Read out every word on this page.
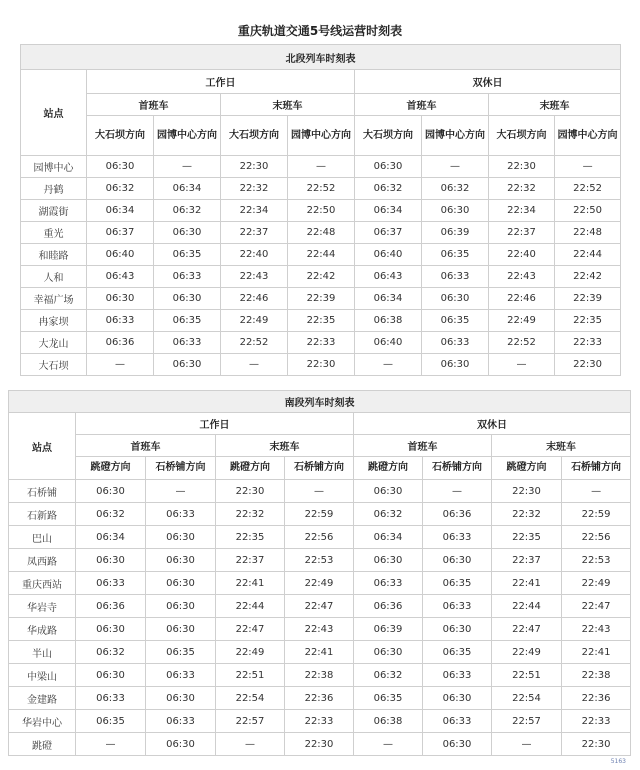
重庆轨道交通5号线运营时刻表
北段列车时刻表								
站点	工作日				双休日			
	首班车		末班车		首班车		末班车	
	大石坝方向	园博中心方向	大石坝方向	园博中心方向	大石坝方向	园博中心方向	大石坝方向	园博中心方向
园博中心	06:30	—	22:30	—	06:30	—	22:30	—
丹鹤	06:32	06:34	22:32	22:52	06:32	06:32	22:32	22:52
湖霞街	06:34	06:32	22:34	22:50	06:34	06:30	22:34	22:50
重光	06:37	06:30	22:37	22:48	06:37	06:39	22:37	22:48
和睦路	06:40	06:35	22:40	22:44	06:40	06:35	22:40	22:44
人和	06:43	06:33	22:43	22:42	06:43	06:33	22:43	22:42
幸福广场	06:30	06:30	22:46	22:39	06:34	06:30	22:46	22:39
冉家坝	06:33	06:35	22:49	22:35	06:38	06:35	22:49	22:35
大龙山	06:36	06:33	22:52	22:33	06:40	06:33	22:52	22:33
大石坝	—	06:30	—	22:30	—	06:30	—	22:30
南段列车时刻表								
站点	工作日				双休日			
	首班车		末班车		首班车		末班车	
	跳磴方向	石桥铺方向	跳磴方向	石桥铺方向	跳磴方向	石桥铺方向	跳磴方向	石桥铺方向
石桥铺	06:30	—	22:30	—	06:30	—	22:30	—
石新路	06:32	06:33	22:32	22:59	06:32	06:36	22:32	22:59
巴山	06:34	06:30	22:35	22:56	06:34	06:33	22:35	22:56
凤西路	06:30	06:30	22:37	22:53	06:30	06:30	22:37	22:53
重庆西站	06:33	06:30	22:41	22:49	06:33	06:35	22:41	22:49
华岩寺	06:36	06:30	22:44	22:47	06:36	06:33	22:44	22:47
华成路	06:30	06:30	22:47	22:43	06:39	06:30	22:47	22:43
半山	06:32	06:35	22:49	22:41	06:30	06:35	22:49	22:41
中梁山	06:30	06:33	22:51	22:38	06:32	06:33	22:51	22:38
金建路	06:33	06:30	22:54	22:36	06:35	06:30	22:54	22:36
华岩中心	06:35	06:33	22:57	22:33	06:38	06:33	22:57	22:33
跳磴	—	06:30	—	22:30	—	06:30	—	22:30
5163
